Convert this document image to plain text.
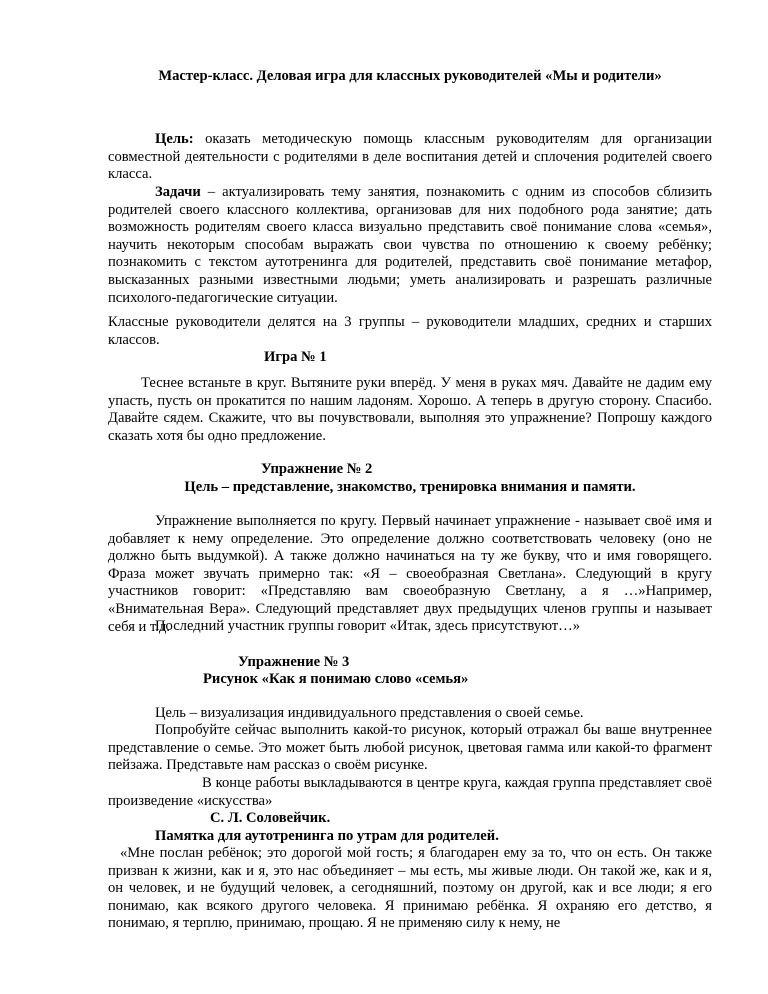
Мастер-класс. Деловая игра для классных руководителей «Мы и родители»

Цель: оказать методическую помощь классным руководителям для организации совместной деятельности с родителями в деле воспитания детей и сплочения родителей своего класса.

Задачи – актуализировать тему занятия, познакомить с одним из способов сблизить родителей своего классного коллектива, организовав для них подобного рода занятие; дать возможность родителям своего класса визуально представить своё понимание слова «семья», научить некоторым способам выражать свои чувства по отношению к своему ребёнку; познакомить с текстом аутотренинга для родителей, представить своё понимание метафор, высказанных разными известными людьми; уметь анализировать и разрешать различные психолого-педагогические ситуации.

Классные руководители делятся на 3 группы – руководители младших, средних и старших классов.

Игра № 1

Теснее встаньте в круг. Вытяните руки вперёд. У меня в руках мяч. Давайте не дадим ему упасть, пусть он прокатится по нашим ладоням. Хорошо. А теперь в другую сторону. Спасибо. Давайте сядем. Скажите, что вы почувствовали, выполняя это упражнение? Попрошу каждого сказать хотя бы одно предложение.

Упражнение № 2

Цель – представление, знакомство, тренировка внимания и памяти.

Упражнение выполняется по кругу. Первый начинает упражнение - называет своё имя и добавляет к нему определение. Это определение должно соответствовать человеку (оно не должно быть выдумкой). А также должно начинаться на ту же букву, что и имя говорящего. Фраза может звучать примерно так: «Я – своеобразная Светлана». Следующий в кругу участников говорит: «Представляю вам своеобразную Светлану, а я …»Например, «Внимательная Вера». Следующий представляет двух предыдущих членов группы и называет себя и т.д.

Последний участник группы говорит «Итак, здесь присутствуют…»

Упражнение № 3

Рисунок «Как я понимаю слово «семья»

Цель – визуализация индивидуального представления о своей семье.

Попробуйте сейчас выполнить какой-то рисунок, который отражал бы ваше внутреннее представление о семье. Это может быть любой рисунок, цветовая гамма или какой-то фрагмент пейзажа. Представьте нам рассказ о своём рисунке.

В конце работы выкладываются в центре круга, каждая группа представляет своё произведение «искусства»

С. Л. Соловейчик.

Памятка для аутотренинга по утрам для родителей.

«Мне послан ребёнок; это дорогой мой гость; я благодарен ему за то, что он есть. Он также призван к жизни, как и я, это нас объединяет – мы есть, мы живые люди. Он такой же, как и я, он человек, и не будущий человек, а сегодняшний, поэтому он другой, как и все люди; я его понимаю, как всякого другого человека. Я принимаю ребёнка. Я охраняю его детство, я понимаю, я терплю, принимаю, прощаю. Я не применяю силу к нему, не
